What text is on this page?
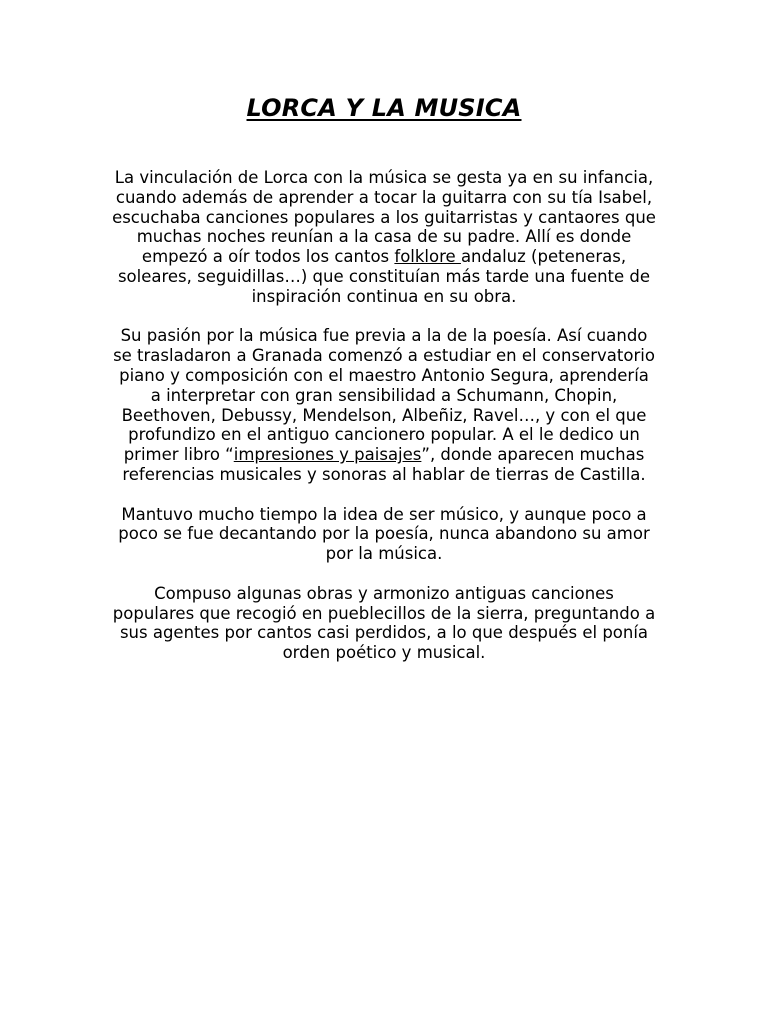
LORCA Y LA MUSICA

La vinculación de Lorca con la música se gesta ya en su infancia, cuando además de aprender a tocar la guitarra con su tía Isabel, escuchaba canciones populares a los guitarristas y cantaores que muchas noches reunían a la casa de su padre. Allí es donde empezó a oír todos los cantos folklore andaluz (peteneras, soleares, seguidillas…) que constituían más tarde una fuente de inspiración continua en su obra.

Su pasión por la música fue previa a la de la poesía. Así cuando se trasladaron a Granada comenzó a estudiar en el conservatorio piano y composición con el maestro Antonio Segura, aprendería a interpretar con gran sensibilidad a Schumann, Chopin, Beethoven, Debussy, Mendelson, Albeñiz, Ravel…, y con el que profundizo en el antiguo cancionero popular. A el le dedico un primer libro “impresiones y paisajes”, donde aparecen muchas referencias musicales y sonoras al hablar de tierras de Castilla.

Mantuvo mucho tiempo la idea de ser músico, y aunque poco a poco se fue decantando por la poesía, nunca abandono su amor por la música.

Compuso algunas obras y armonizo antiguas canciones populares que recogió en pueblecillos de la sierra, preguntando a sus agentes por cantos casi perdidos, a lo que después el ponía orden poético y musical.
